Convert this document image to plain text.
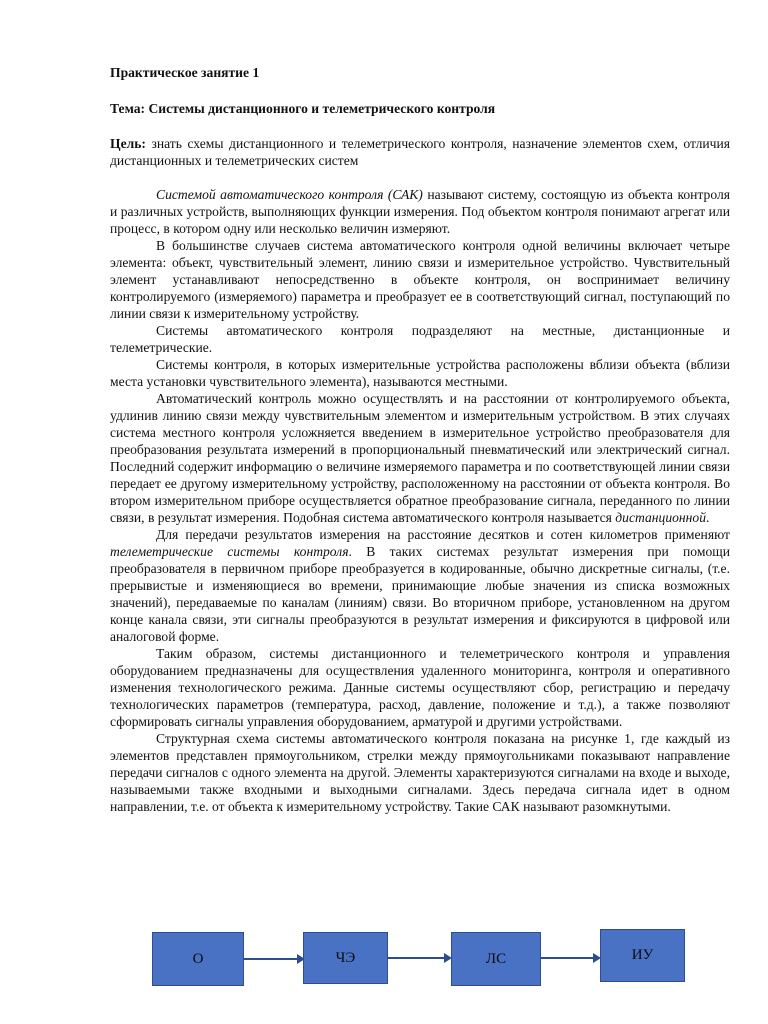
Практическое занятие 1

Тема: Системы дистанционного и телеметрического контроля

Цель: знать схемы дистанционного и телеметрического контроля, назначение элементов схем, отличия дистанционных и телеметрических систем

Системой автоматического контроля (САК) называют систему, состоящую из объекта контроля и различных устройств, выполняющих функции измерения. Под объектом контроля понимают агрегат или процесс, в котором одну или несколько величин измеряют.

В большинстве случаев система автоматического контроля одной величины включает четыре элемента: объект, чувствительный элемент, линию связи и измерительное устройство. Чувствительный элемент устанавливают непосредственно в объекте контроля, он воспринимает величину контролируемого (измеряемого) параметра и преобразует ее в соответствующий сигнал, поступающий по линии связи к измерительному устройству.

Системы автоматического контроля подразделяют на местные, дистанционные и телеметрические.

Системы контроля, в которых измерительные устройства расположены вблизи объекта (вблизи места установки чувствительного элемента), называются местными.

Автоматический контроль можно осуществлять и на расстоянии от контролируемого объекта, удлинив линию связи между чувствительным элементом и измерительным устройством. В этих случаях система местного контроля усложняется введением в измерительное устройство преобразователя для преобразования результата измерений в пропорциональный пневматический или электрический сигнал. Последний содержит информацию о величине измеряемого параметра и по соответствующей линии связи передает ее другому измерительному устройству, расположенному на расстоянии от объекта контроля. Во втором измерительном приборе осуществляется обратное преобразование сигнала, переданного по линии связи, в результат измерения. Подобная система автоматического контроля называется дистанционной.

Для передачи результатов измерения на расстояние десятков и сотен километров применяют телеметрические системы контроля. В таких системах результат измерения при помощи преобразователя в первичном приборе преобразуется в кодированные, обычно дискретные сигналы, (т.е. прерывистые и изменяющиеся во времени, принимающие любые значения из списка возможных значений), передаваемые по каналам (линиям) связи. Во вторичном приборе, установленном на другом конце канала связи, эти сигналы преобразуются в результат измерения и фиксируются в цифровой или аналоговой форме.

Таким образом, системы дистанционного и телеметрического контроля и управления оборудованием предназначены для осуществления удаленного мониторинга, контроля и оперативного изменения технологического режима. Данные системы осуществляют сбор, регистрацию и передачу технологических параметров (температура, расход, давление, положение и т.д.), а также позволяют сформировать сигналы управления оборудованием, арматурой и другими устройствами.

Структурная схема системы автоматического контроля показана на рисунке 1, где каждый из элементов представлен прямоугольником, стрелки между прямоугольниками показывают направление передачи сигналов с одного элемента на другой. Элементы характеризуются сигналами на входе и выходе, называемыми также входными и выходными сигналами. Здесь передача сигнала идет в одном направлении, т.е. от объекта к измерительному устройству. Такие САК называют разомкнутыми.

О	ЧЭ	ЛС	ИУ
